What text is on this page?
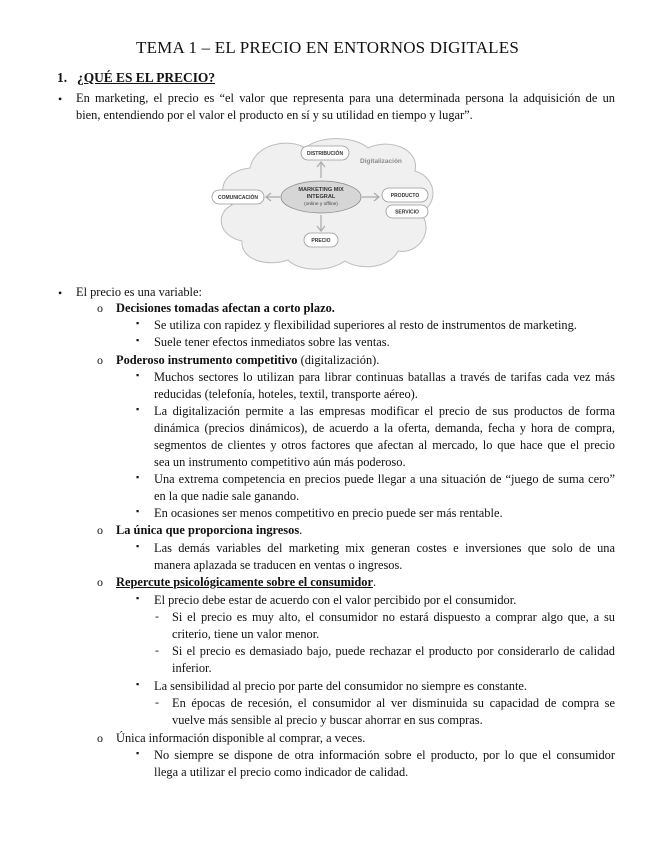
TEMA 1 – EL PRECIO EN ENTORNOS DIGITALES
1. ¿QUÉ ES EL PRECIO?
• En marketing, el precio es “el valor que representa para una determinada persona la adquisición de un
bien, entendiendo por el valor el producto en sí y su utilidad en tiempo y lugar”.
MARKETING MIX
INTEGRAL
(online y offline)
DISTRIBUCIÓN
Digitalización
COMUNICACIÓN	PRODUCTO
SERVICIO
PRECIO
• El precio es una variable:
o Decisiones tomadas afectan a corto plazo.
▪ Se utiliza con rapidez y flexibilidad superiores al resto de instrumentos de marketing.
▪ Suele tener efectos inmediatos sobre las ventas.
o Poderoso instrumento competitivo (digitalización).
▪ Muchos sectores lo utilizan para librar continuas batallas a través de tarifas cada vez más
reducidas (telefonía, hoteles, textil, transporte aéreo).
▪ La digitalización permite a las empresas modificar el precio de sus productos de forma
dinámica (precios dinámicos), de acuerdo a la oferta, demanda, fecha y hora de compra,
segmentos de clientes y otros factores que afectan al mercado, lo que hace que el precio
sea un instrumento competitivo aún más poderoso.
▪ Una extrema competencia en precios puede llegar a una situación de “juego de suma cero”
en la que nadie sale ganando.
▪ En ocasiones ser menos competitivo en precio puede ser más rentable.
o La única que proporciona ingresos.
▪ Las demás variables del marketing mix generan costes e inversiones que solo de una
manera aplazada se traducen en ventas o ingresos.
o Repercute psicológicamente sobre el consumidor.
▪ El precio debe estar de acuerdo con el valor percibido por el consumidor.
- Si el precio es muy alto, el consumidor no estará dispuesto a comprar algo que, a su
criterio, tiene un valor menor.
- Si el precio es demasiado bajo, puede rechazar el producto por considerarlo de calidad
inferior.
▪ La sensibilidad al precio por parte del consumidor no siempre es constante.
- En épocas de recesión, el consumidor al ver disminuida su capacidad de compra se
vuelve más sensible al precio y buscar ahorrar en sus compras.
o Única información disponible al comprar, a veces.
▪ No siempre se dispone de otra información sobre el producto, por lo que el consumidor
llega a utilizar el precio como indicador de calidad.
